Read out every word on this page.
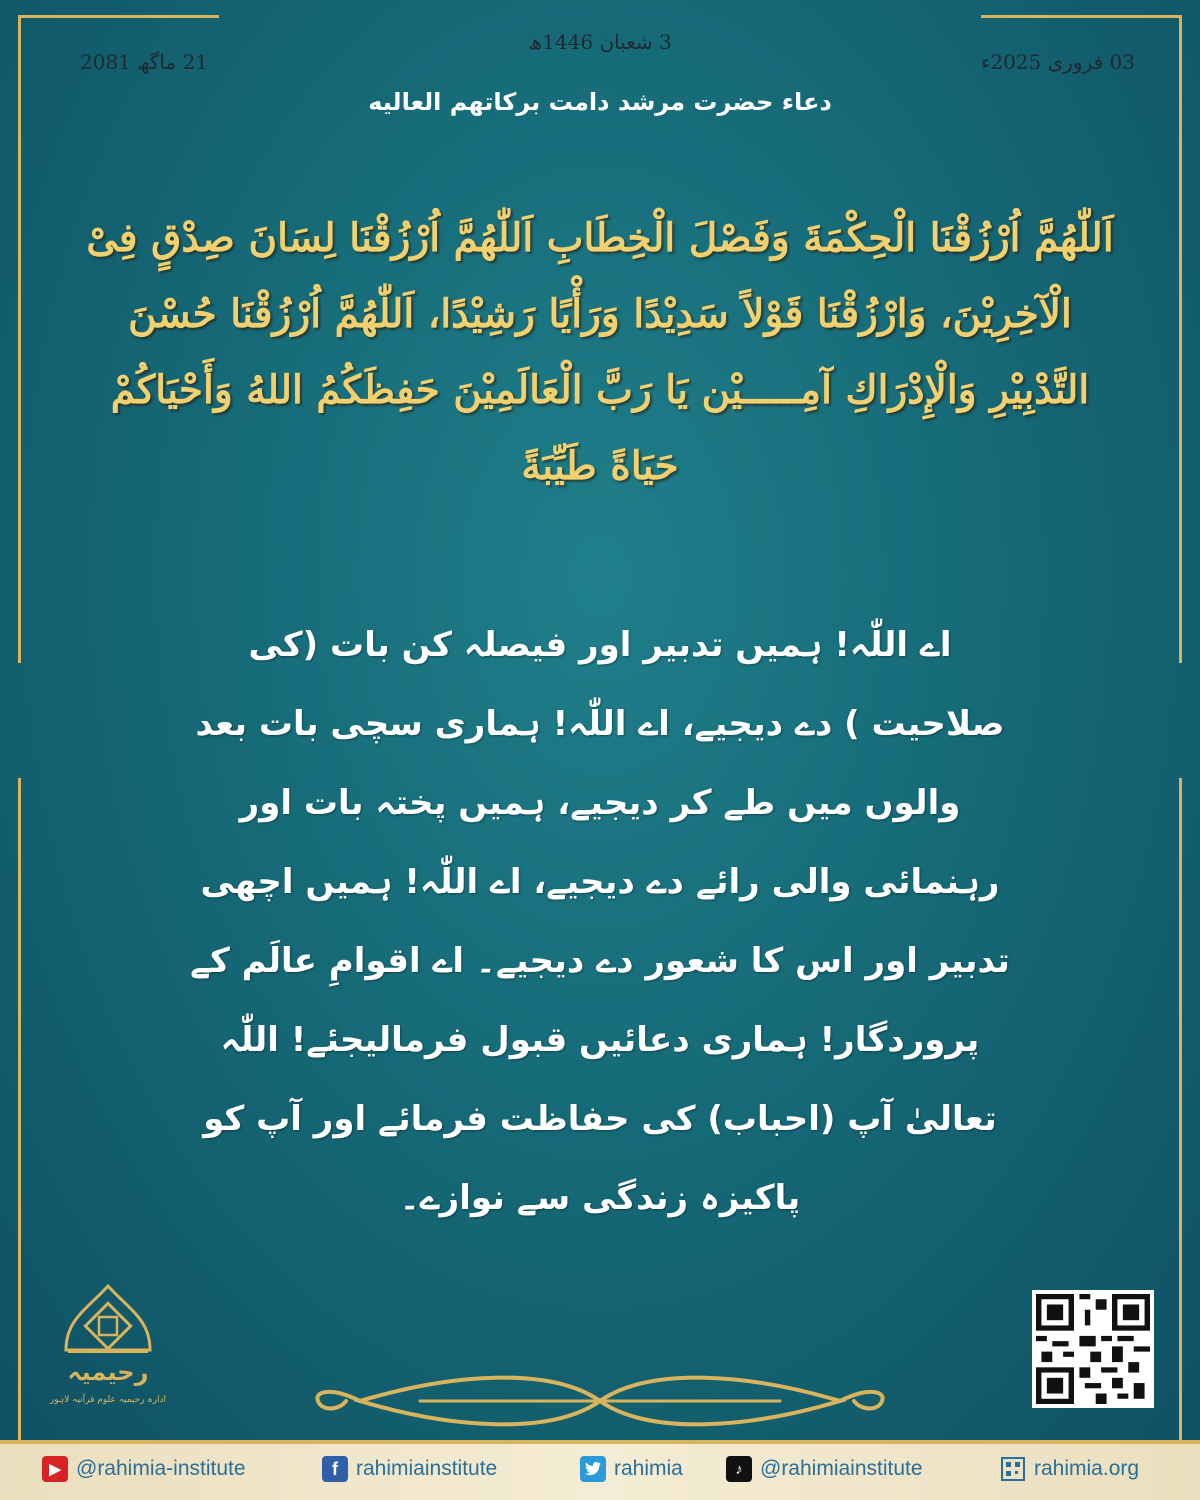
3 شعبان 1446ھ
03 فروری 2025ء
21 ماگھ 2081
دعاء حضرت مرشد دامت برکاتهم العالیه
اَللّٰھُمَّ اُرْزُقْنَا الْحِكْمَةَ وَفَصْلَ الْخِطَابِ اَللّٰھُمَّ اُرْزُقْنَا لِسَانَ صِدْقٍ فِیْ الْآخِرِیْنَ، وَارْزُقْنَا قَوْلاً سَدِیْدًا وَرَأْیًا رَشِیْدًا، اَللّٰھُمَّ اُرْزُقْنَا حُسْنَ التَّدْبِیْرِ وَالْإِدْرَاكِ آمِـــــیْن یَا رَبَّ الْعَالَمِیْنَ حَفِظَكُمُ اللهُ وَأَحْیَاكُمْ حَیَاةً طَیِّبَةً
اے اللّٰہ! ہمیں تدبیر اور فیصلہ کن بات (کی صلاحیت ) دے دیجیے، اے اللّٰہ! ہماری سچی بات بعد والوں میں طے کر دیجیے، ہمیں پختہ بات اور رہنمائی والی رائے دے دیجیے، اے اللّٰہ! ہمیں اچھی تدبیر اور اس کا شعور دے دیجیے۔ اے اقوامِ عالَم کے پروردگار! ہماری دعائیں قبول فرمالیجئے! اللّٰہ تعالیٰ آپ (احباب) کی حفاظت فرمائے اور آپ کو پاکیزہ زندگی سے نوازے۔
رحیمیہ
ادارہ رحیمیہ علوم قرآنیہ لاہور
▶ @rahimia-institute	f rahimiainstitute	rahimia	♪ @rahimiainstitute	rahimia.org
